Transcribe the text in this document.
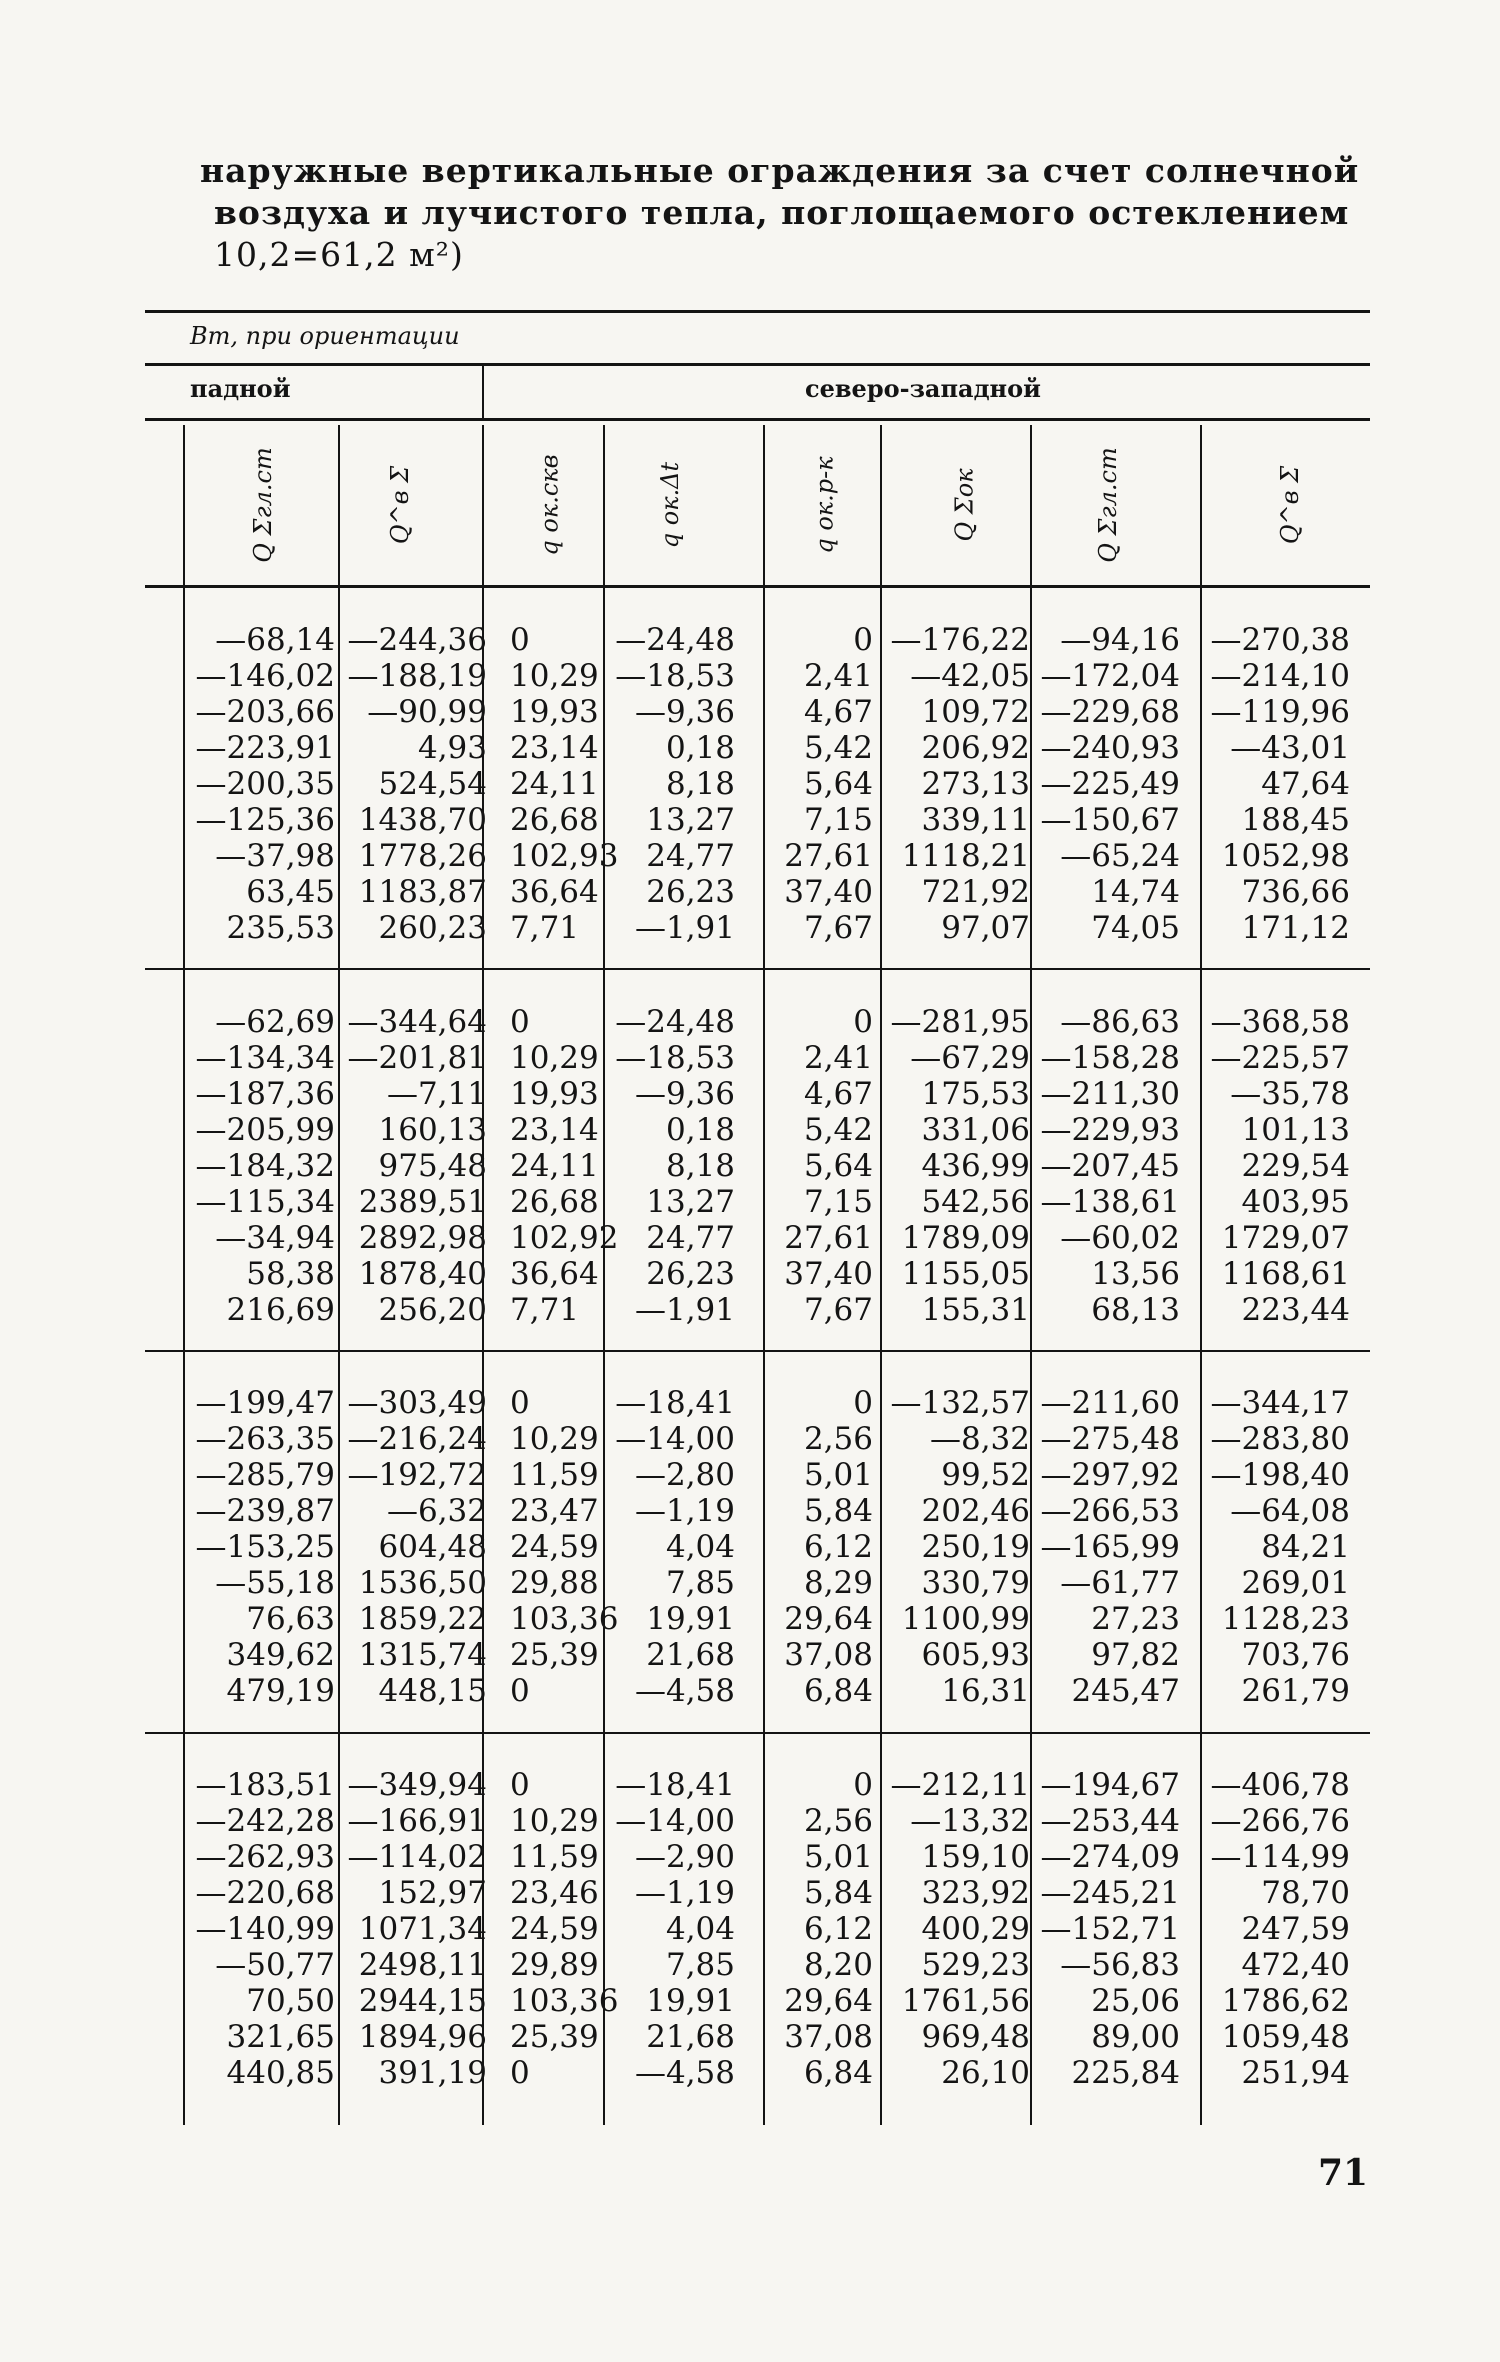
наружные вертикальные ограждения за счет солнечной
воздуха и лучистого тепла, поглощаемого остеклением
10,2=61,2 м²)
Вт, при ориентации
падной	северо-западной
Q Σгл.ст	Q^в Σ	q ок.скв	q ок.Δt	q ок.р-к	Q Σок	Q Σгл.ст	Q^в Σ
—68,14 —244,36 0	—24,48	0 —176,22 —94,16 —270,38
—146,02 —188,19 10,29 —18,53 2,41 —42,05 —172,04 —214,10
—203,66 —90,99 19,93 —9,36 4,67 109,72 —229,68 —119,96
—223,91	4,93 23,14 0,18 5,42 206,92 —240,93 —43,01
—200,35 524,54 24,11 8,18 5,64 273,13 —225,49	47,64
—125,36 1438,70 26,68 13,27 7,15 339,11 —150,67 188,45
—37,98 1778,26 102,93 24,77 27,61 1118,21 —65,24 1052,98
63,45 1183,87 36,64 26,23 37,40 721,92 14,74 736,66
235,53 260,23 7,71 —1,91 7,67 97,07 74,05 171,12
—62,69 —344,64 0	—24,48	0 —281,95 —86,63 —368,58
—134,34 —201,81 10,29 —18,53 2,41 —67,29 —158,28 —225,57
—187,36 —7,11 19,93 —9,36 4,67 175,53 —211,30 —35,78
—205,99 160,13 23,14 0,18 5,42 331,06 —229,93 101,13
—184,32 975,48 24,11 8,18 5,64 436,99 —207,45 229,54
—115,34 2389,51 26,68 13,27 7,15 542,56 —138,61 403,95
—34,94 2892,98 102,92 24,77 27,61 1789,09 —60,02 1729,07
58,38 1878,40 36,64 26,23 37,40 1155,05 13,56 1168,61
216,69 256,20 7,71 —1,91 7,67 155,31 68,13 223,44
—199,47 —303,49 0	—18,41	0 —132,57 —211,60 —344,17
—263,35 —216,24 10,29 —14,00 2,56 —8,32 —275,48 —283,80
—285,79 —192,72 11,59 —2,80 5,01 99,52 —297,92 —198,40
—239,87 —6,32 23,47 —1,19 5,84 202,46 —266,53 —64,08
—153,25 604,48 24,59 4,04 6,12 250,19 —165,99	84,21
—55,18 1536,50 29,88 7,85 8,29 330,79 —61,77 269,01
76,63 1859,22 103,36 19,91 29,64 1100,99 27,23 1128,23
349,62 1315,74 25,39 21,68 37,08 605,93 97,82 703,76
479,19 448,15 0	—4,58 6,84 16,31 245,47 261,79
—183,51 —349,94 0	—18,41	0 —212,11 —194,67 —406,78
—242,28 —166,91 10,29 —14,00 2,56 —13,32 —253,44 —266,76
—262,93 —114,02 11,59 —2,90 5,01 159,10 —274,09 —114,99
—220,68 152,97 23,46 —1,19 5,84 323,92 —245,21	78,70
—140,99 1071,34 24,59 4,04 6,12 400,29 —152,71 247,59
—50,77 2498,11 29,89 7,85 8,20 529,23 —56,83 472,40
70,50 2944,15 103,36 19,91 29,64 1761,56 25,06 1786,62
321,65 1894,96 25,39 21,68 37,08 969,48 89,00 1059,48
440,85 391,19 0	—4,58 6,84 26,10 225,84 251,94
71
